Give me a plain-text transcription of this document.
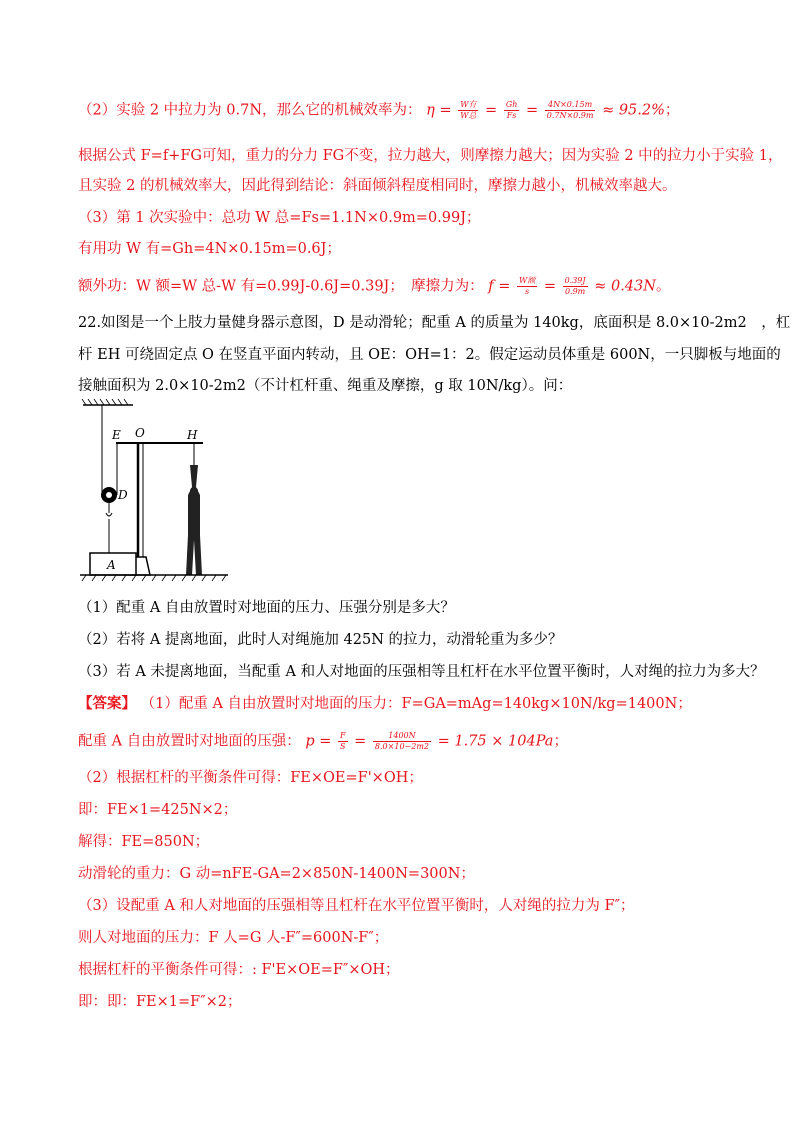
（2）实验 2 中拉力为 0.7N，那么它的机械效率为： $\eta = \frac{\text{W有}}{\text{W总}} = \frac{Gh}{Fs} = \frac{4N\times 0.15m}{0.7N\times 0.9m} \approx 95.2\%$；
根据公式 F=f+FG可知，重力的分力 FG不变，拉力越大，则摩擦力越大；因为实验 2 中的拉力小于实验 1，
且实验 2 的机械效率大，因此得到结论：斜面倾斜程度相同时，摩擦力越小，机械效率越大。
（3）第 1 次实验中：总功 W 总=Fs=1.1N×0.9m=0.99J；
有用功 W 有=Gh=4N×0.15m=0.6J；
额外功：W 额=W 总-W 有=0.99J-0.6J=0.39J；　摩擦力为： $f = \frac{\text{W额}}{s} = \frac{0.39J}{0.9m} \approx 0.43N$。
22.如图是一个上肢力量健身器示意图，D 是动滑轮；配重 A 的质量为 140kg，底面积是 8.0×10-2m2　，杠
杆 EH 可绕固定点 O 在竖直平面内转动，且 OE：OH=1：2。假定运动员体重是 600N，一只脚板与地面的
接触面积为 2.0×10-2m2（不计杠杆重、绳重及摩擦，g 取 10N/kg）。问：
E O	H
D
A
（1）配重 A 自由放置时对地面的压力、压强分别是多大？
（2）若将 A 提离地面，此时人对绳施加 425N 的拉力，动滑轮重为多少？
（3）若 A 未提离地面，当配重 A 和人对地面的压强相等且杠杆在水平位置平衡时，人对绳的拉力为多大？
【答案】 （1）配重 A 自由放置时对地面的压力：F=GA=mAg=140kg×10N/kg=1400N；
配重 A 自由放置时对地面的压强： $p = \frac{F}{S} = \frac{1400N}{8.0\times 10-2m2} = 1.75 \times 104Pa$；
（2）根据杠杆的平衡条件可得：FE×OE=F'×OH；
即：FE×1=425N×2；
解得：FE=850N；
动滑轮的重力：G 动=nFE-GA=2×850N-1400N=300N；
（3）设配重 A 和人对地面的压强相等且杠杆在水平位置平衡时，人对绳的拉力为 F″；
则人对地面的压力：F 人=G 人-F″=600N-F″；
根据杠杆的平衡条件可得：: F'E×OE=F″×OH；
即：即：FE×1=F″×2；
